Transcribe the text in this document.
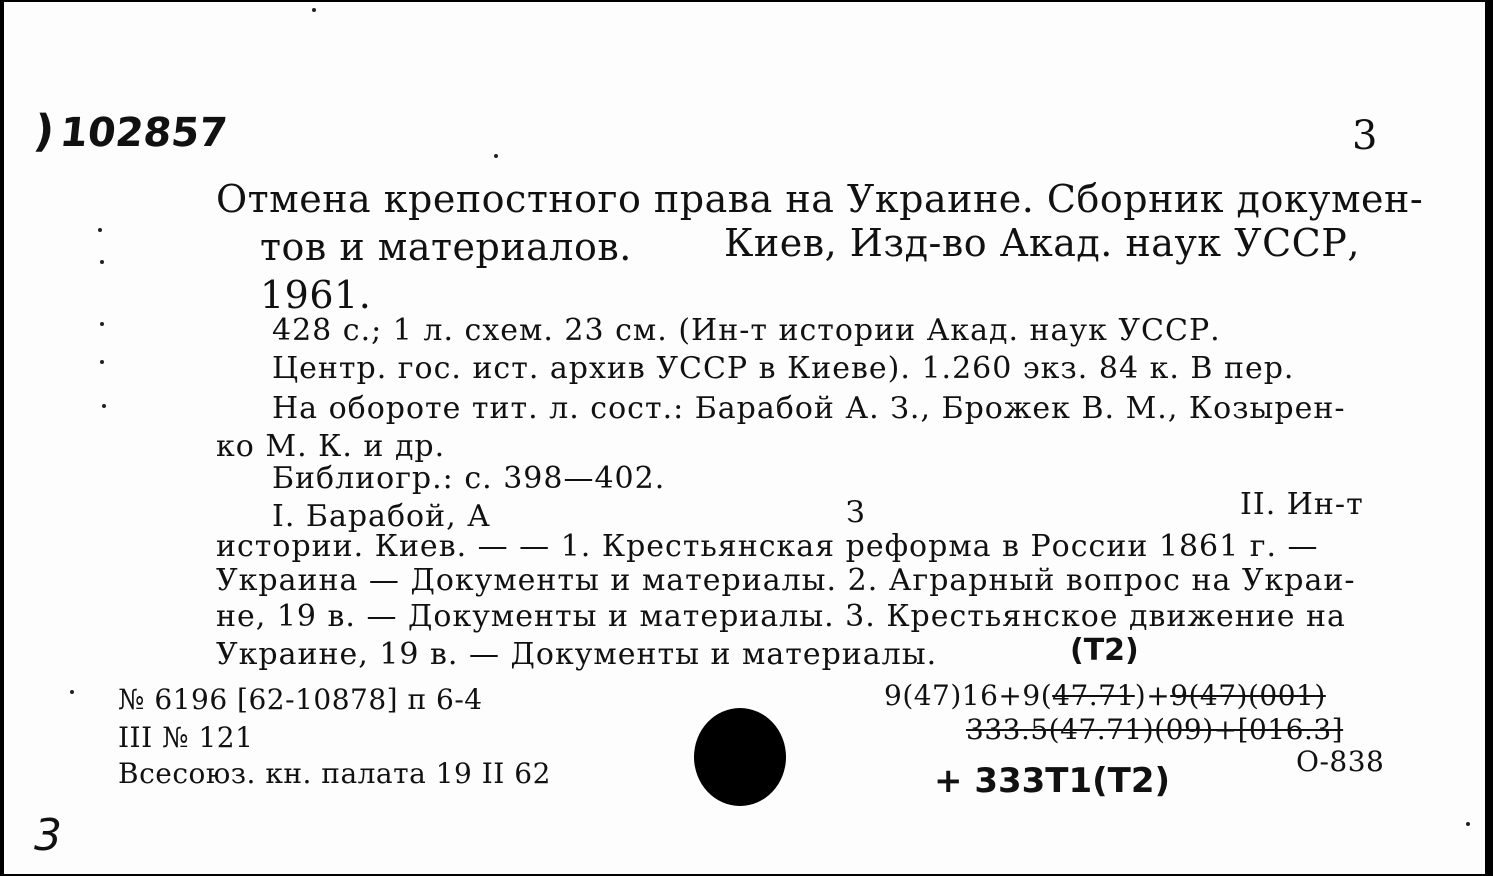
)102857	3
Отмена крепостного права на Украине. Сборник докумен-
тов и материалов. Киев, Изд-во Акад. наук УССР,
1961.
428 с.; 1 л. схем. 23 см. (Ин-т истории Акад. наук УССР.
Центр. гос. ист. архив УССР в Киеве). 1.260 экз. 84 к. В пер.
На обороте тит. л. сост.: Барабой А. З., Брожек В. М., Козырен-
ко М. К. и др.
Библиогр.: с. 398—402.
I. Барабой, А	З	II. Ин-т
истории. Киев. — — 1. Крестьянская реформа в России 1861 г. —
Украина — Документы и материалы. 2. Аграрный вопрос на Украи-
не, 19 в. — Документы и материалы. 3. Крестьянское движение на
Украине, 19 в. — Документы и материалы.	(Т2)
№ 6196 [62-10878] п 6-4
III № 121
Всесоюз. кн. палата 19 II 62
9(47)16+9(47.71)+9(47)(001)
333.5(47.71)(09)+[016.3]
О-838
+ 333Т1(Т2)
3
